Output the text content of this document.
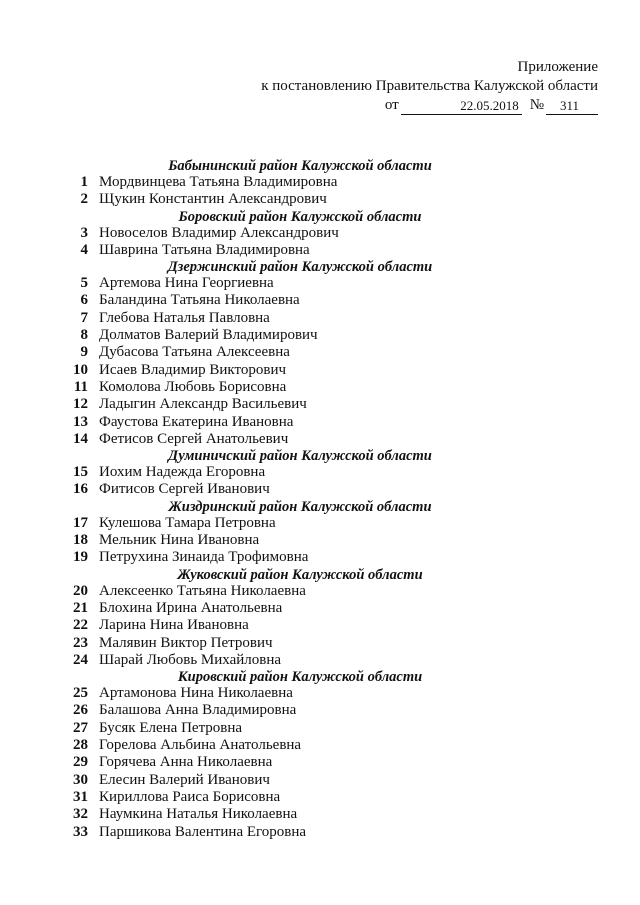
Приложение
к постановлению Правительства Калужской области
от	22.05.2018 №	311
Бабынинский район Калужской области
1 Мордвинцева Татьяна Владимировна
2 Щукин Константин Александрович
Боровский район Калужской области
3 Новоселов Владимир Александрович
4 Шаврина Татьяна Владимировна
Дзержинский район Калужской области
5 Артемова Нина Георгиевна
6 Баландина Татьяна Николаевна
7 Глебова Наталья Павловна
8 Долматов Валерий Владимирович
9 Дубасова Татьяна Алексеевна
10 Исаев Владимир Викторович
11 Комолова Любовь Борисовна
12 Ладыгин Александр Васильевич
13 Фаустова Екатерина Ивановна
14 Фетисов Сергей Анатольевич
Думиничский район Калужской области
15 Иохим Надежда Егоровна
16 Фитисов Сергей Иванович
Жиздринский район Калужской области
17 Кулешова Тамара Петровна
18 Мельник Нина Ивановна
19 Петрухина Зинаида Трофимовна
Жуковский район Калужской области
20 Алексеенко Татьяна Николаевна
21 Блохина Ирина Анатольевна
22 Ларина Нина Ивановна
23 Малявин Виктор Петрович
24 Шарай Любовь Михайловна
Кировский район Калужской области
25 Артамонова Нина Николаевна
26 Балашова Анна Владимировна
27 Бусяк Елена Петровна
28 Горелова Альбина Анатольевна
29 Горячева Анна Николаевна
30 Елесин Валерий Иванович
31 Кириллова Раиса Борисовна
32 Наумкина Наталья Николаевна
33 Паршикова Валентина Егоровна
